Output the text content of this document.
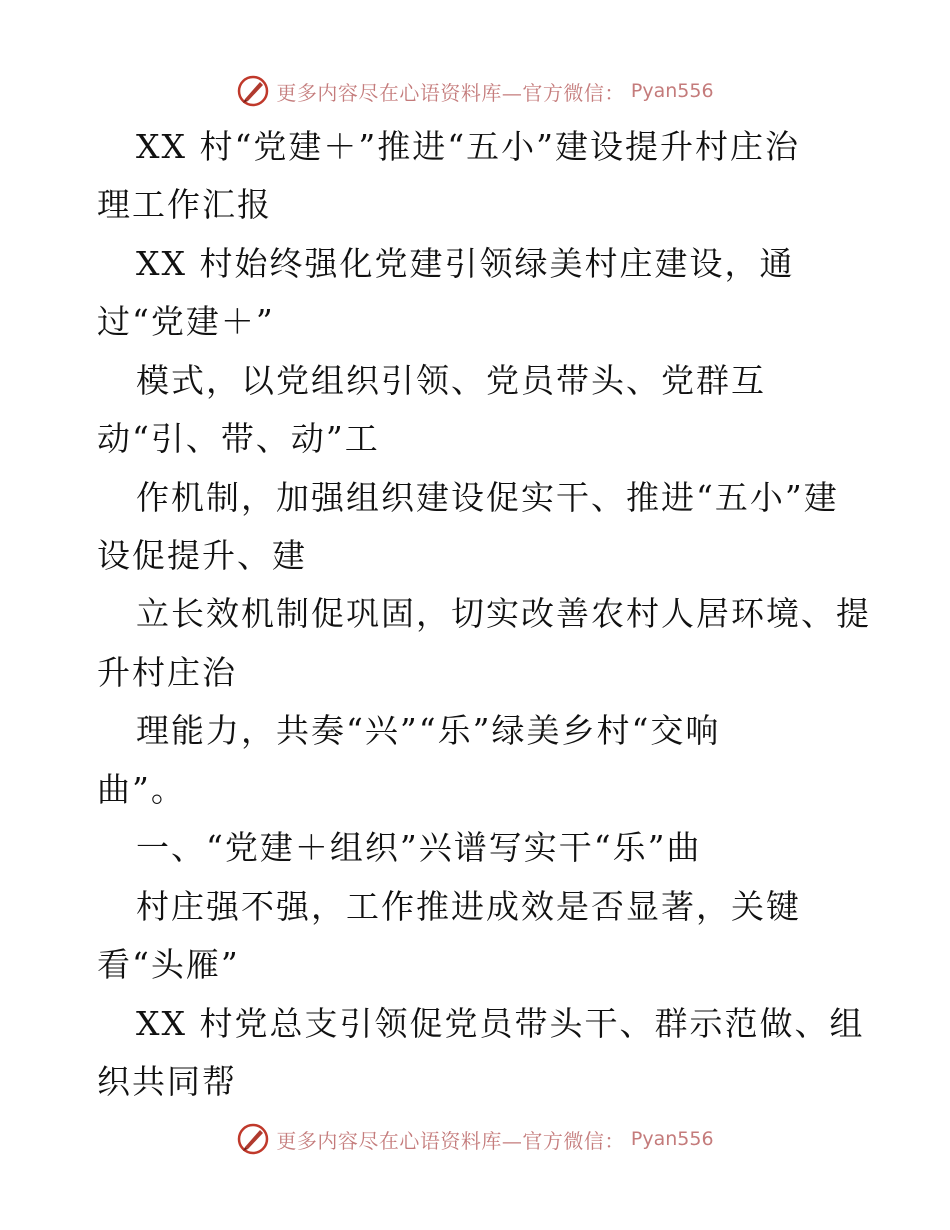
更多内容尽在心语资料库—官方微信： Pyan556
XX 村“党建＋”推进“五小”建设提升村庄治
理工作汇报
XX 村始终强化党建引领绿美村庄建设，通
过“党建＋”
模式，以党组织引领、党员带头、党群互
动“引、带、动”工
作机制，加强组织建设促实干、推进“五小”建
设促提升、建
立长效机制促巩固，切实改善农村人居环境、提
升村庄治
理能力，共奏“兴”“乐”绿美乡村“交响
曲”。
一、“党建＋组织”兴谱写实干“乐”曲
村庄强不强，工作推进成效是否显著，关键
看“头雁”
XX 村党总支引领促党员带头干、群示范做、组
织共同帮
更多内容尽在心语资料库—官方微信： Pyan556
